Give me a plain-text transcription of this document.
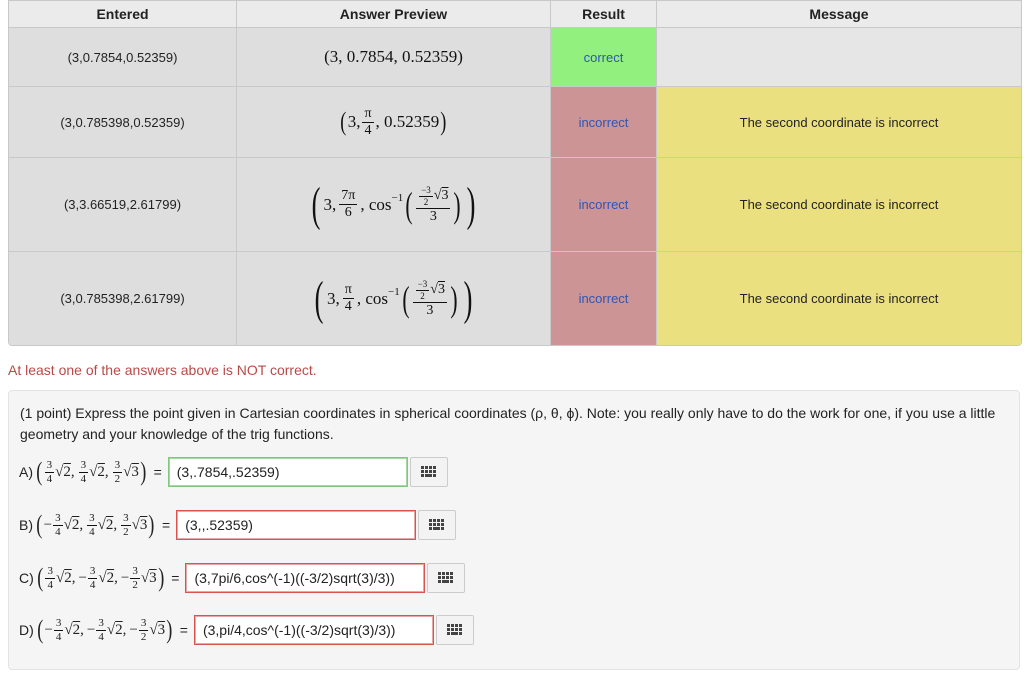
Entered	Answer Preview	Result	Message
(3,0.7854,0.52359)	(3, 0.7854, 0.52359)	correct
(3,0.785398,0.52359)	( 3, $\frac{\pi}{4}$ , 0.52359 )	incorrect	The second coordinate is incorrect
(3,3.66519,2.61799)	( 3, $\frac{7\pi}{6}$ , cos −1 ( $\frac{\frac{-3}{2} √ 3}{3}$ ) )	incorrect	The second coordinate is incorrect
(3,0.785398,2.61799)	( 3, $\frac{\pi}{4}$ , cos −1 ( $\frac{\frac{-3}{2} √ 3}{3}$ ) )	incorrect	The second coordinate is incorrect
At least one of the answers above is NOT correct.
(1 point) Express the point given in Cartesian coordinates in spherical coordinates (ρ, θ, ϕ). Note: you really only have to do the work for one, if you use a little geometry and your knowledge of the trig functions.
A) ( $\frac{3}{4}$ √ 2 ,  $\frac{3}{4}$ √ 2 ,  $\frac{3}{2}$ √ 3 ) =	(3,.7854,.52359)
B) ( − $\frac{3}{4}$ √ 2 ,  $\frac{3}{4}$ √ 2 ,  $\frac{3}{2}$ √ 3 ) =	(3,,.52359)
C) ( $\frac{3}{4}$ √ 2 ,  − $\frac{3}{4}$ √ 2 ,  − $\frac{3}{2}$ √ 3 ) =	(3,7pi/6,cos^(-1)((-3/2)sqrt(3)/3))
D) ( − $\frac{3}{4}$ √ 2 ,  − $\frac{3}{4}$ √ 2 ,  − $\frac{3}{2}$ √ 3 ) =	(3,pi/4,cos^(-1)((-3/2)sqrt(3)/3))
